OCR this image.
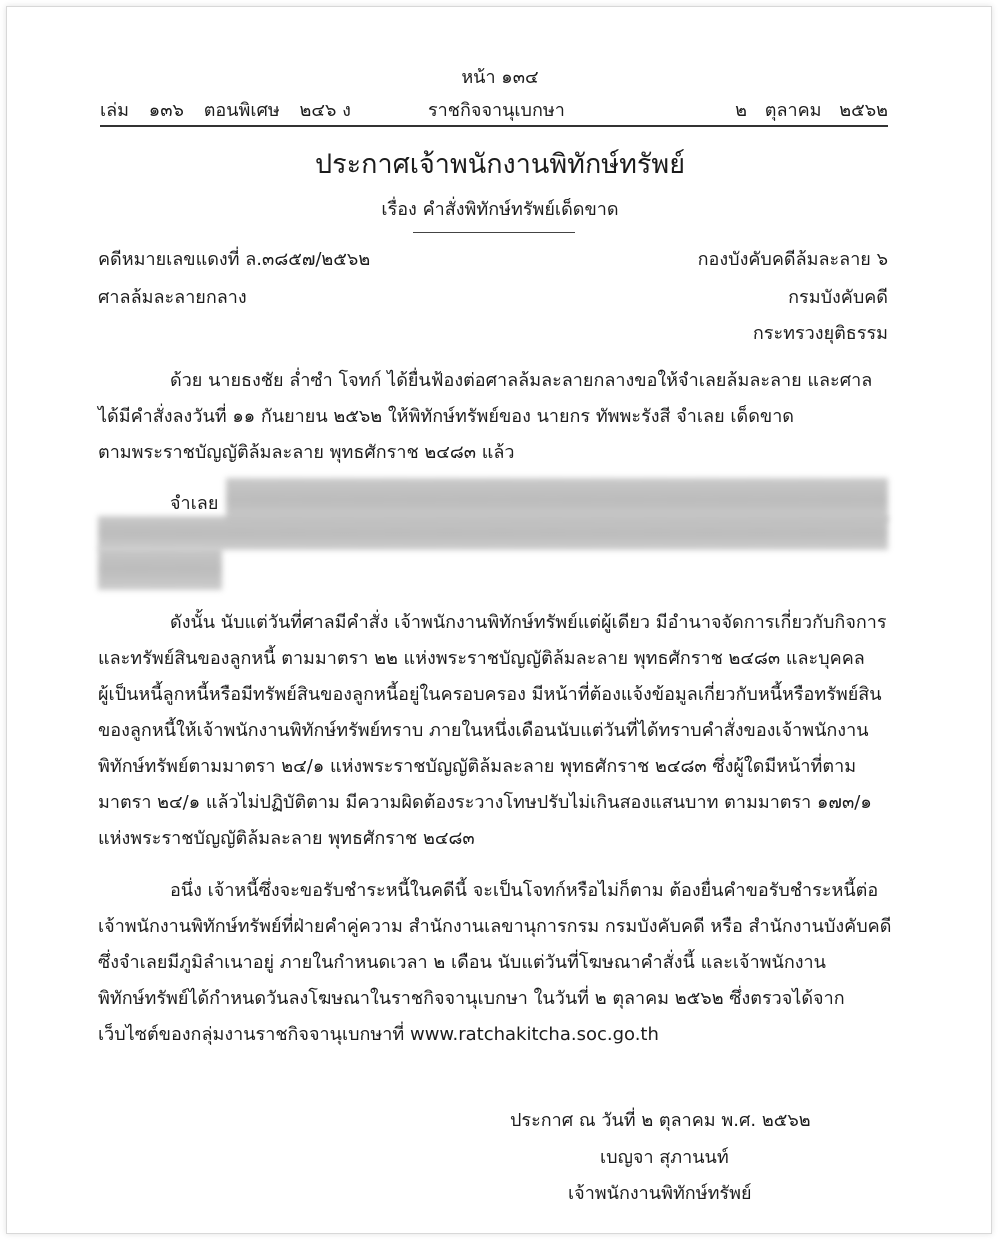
หน้า ๑๓๔
เล่ม ๑๓๖ ตอนพิเศษ ๒๔๖ ง	ราชกิจจานุเบกษา	๒ ตุลาคม ๒๕๖๒
ประกาศเจ้าพนักงานพิทักษ์ทรัพย์
เรื่อง คำสั่งพิทักษ์ทรัพย์เด็ดขาด
คดีหมายเลขแดงที่ ล.๓๘๕๗/๒๕๖๒
ศาลล้มละลายกลาง
กองบังคับคดีล้มละลาย ๖
กรมบังคับคดี
กระทรวงยุติธรรม
ด้วย นายธงชัย ล่ำซำ โจทก์ ได้ยื่นฟ้องต่อศาลล้มละลายกลางขอให้จำเลยล้มละลาย และศาล
ได้มีคำสั่งลงวันที่ ๑๑ กันยายน ๒๕๖๒ ให้พิทักษ์ทรัพย์ของ นายกร ทัพพะรังสี จำเลย เด็ดขาด
ตามพระราชบัญญัติล้มละลาย พุทธศักราช ๒๔๘๓ แล้ว
จำเลย
ดังนั้น นับแต่วันที่ศาลมีคำสั่ง เจ้าพนักงานพิทักษ์ทรัพย์แต่ผู้เดียว มีอำนาจจัดการเกี่ยวกับกิจการ
และทรัพย์สินของลูกหนี้ ตามมาตรา ๒๒ แห่งพระราชบัญญัติล้มละลาย พุทธศักราช ๒๔๘๓ และบุคคล
ผู้เป็นหนี้ลูกหนี้หรือมีทรัพย์สินของลูกหนี้อยู่ในครอบครอง มีหน้าที่ต้องแจ้งข้อมูลเกี่ยวกับหนี้หรือทรัพย์สิน
ของลูกหนี้ให้เจ้าพนักงานพิทักษ์ทรัพย์ทราบ ภายในหนึ่งเดือนนับแต่วันที่ได้ทราบคำสั่งของเจ้าพนักงาน
พิทักษ์ทรัพย์ตามมาตรา ๒๔/๑ แห่งพระราชบัญญัติล้มละลาย พุทธศักราช ๒๔๘๓ ซึ่งผู้ใดมีหน้าที่ตาม
มาตรา ๒๔/๑ แล้วไม่ปฏิบัติตาม มีความผิดต้องระวางโทษปรับไม่เกินสองแสนบาท ตามมาตรา ๑๗๓/๑
แห่งพระราชบัญญัติล้มละลาย พุทธศักราช ๒๔๘๓
อนึ่ง เจ้าหนี้ซึ่งจะขอรับชำระหนี้ในคดีนี้ จะเป็นโจทก์หรือไม่ก็ตาม ต้องยื่นคำขอรับชำระหนี้ต่อ
เจ้าพนักงานพิทักษ์ทรัพย์ที่ฝ่ายคำคู่ความ สำนักงานเลขานุการกรม กรมบังคับคดี หรือ สำนักงานบังคับคดี
ซึ่งจำเลยมีภูมิลำเนาอยู่ ภายในกำหนดเวลา ๒ เดือน นับแต่วันที่โฆษณาคำสั่งนี้ และเจ้าพนักงาน
พิทักษ์ทรัพย์ได้กำหนดวันลงโฆษณาในราชกิจจานุเบกษา ในวันที่ ๒ ตุลาคม ๒๕๖๒ ซึ่งตรวจได้จาก
เว็บไซต์ของกลุ่มงานราชกิจจานุเบกษาที่ www.ratchakitcha.soc.go.th
ประกาศ ณ วันที่ ๒ ตุลาคม พ.ศ. ๒๕๖๒
เบญจา สุภานนท์
เจ้าพนักงานพิทักษ์ทรัพย์
